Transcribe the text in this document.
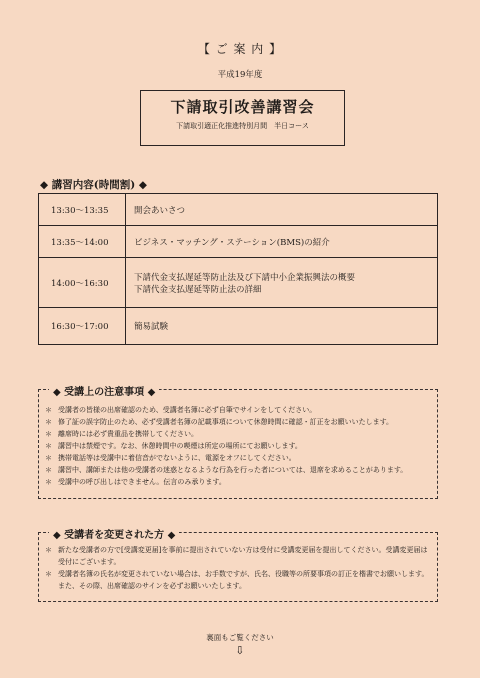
【 ご 案 内 】
平成19年度
下請取引改善講習会
下請取引適正化推進特別月間　半日コース
◆ 講習内容(時間割) ◆
13:30～13:35	開会あいさつ
13:35～14:00	ビジネス・マッチング・ステーション(BMS)の紹介
14:00～16:30	下請代金支払遅延等防止法及び下請中小企業振興法の概要
下請代金支払遅延等防止法の詳細

16:30～17:00	簡易試験
◆ 受講上の注意事項 ◆
＊ 受講者の皆様の出席確認のため、受講者名簿に必ず自筆でサインをしてください。
＊ 修了証の誤字防止のため、必ず受講者名簿の記載事項について休憩時間に確認・訂正をお願いいたします。
＊ 離席時には必ず貴重品を携帯してください。
＊ 講習中は禁煙です。なお、休憩時間中の喫煙は所定の場所にてお願いします。
＊ 携帯電話等は受講中に着信音がでないように、電源をオフにしてください。
＊ 講習中、講師または他の受講者の迷惑となるような行為を行った者については、退席を求めることがあります。
＊ 受講中の呼び出しはできません。伝言のみ承ります。
◆ 受講者を変更された方 ◆
＊ 新たな受講者の方で[受講変更届]を事前に提出されていない方は受付に受講変更届を提出してください。受講変更届は受付にございます。
＊ 受講者名簿の氏名が変更されていない場合は、お手数ですが、氏名、役職等の所要事項の訂正を楷書でお願いします。また、その際、出席確認のサインを必ずお願いいたします。
裏面もご覧ください
⇩
